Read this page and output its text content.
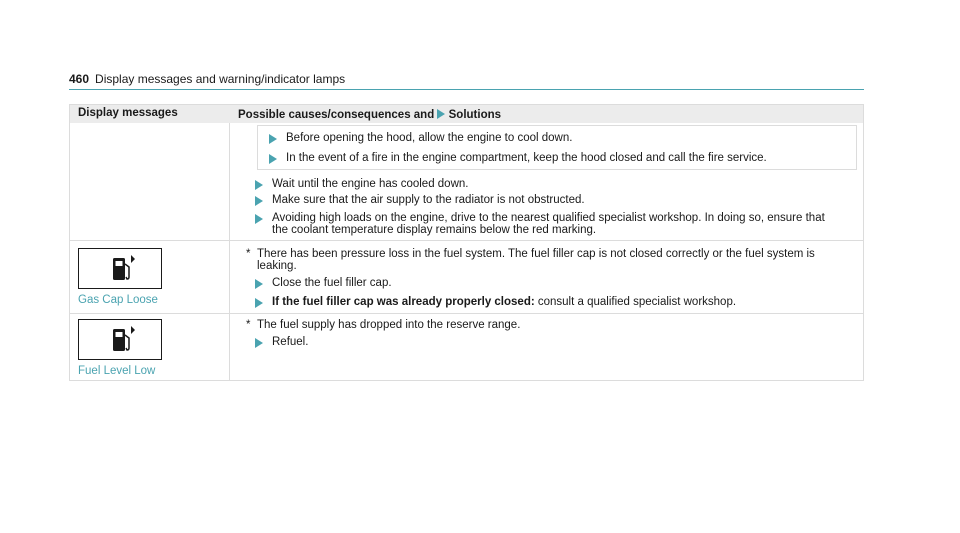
460 Display messages and warning/indicator lamps
Display messages	Possible causes/consequences and Solutions
Before opening the hood, allow the engine to cool down.
In the event of a fire in the engine compartment, keep the hood closed and call the fire service.
Wait until the engine has cooled down.
Make sure that the air supply to the radiator is not obstructed.
Avoiding high loads on the engine, drive to the nearest qualified specialist workshop. In doing so, ensure that
the coolant temperature display remains below the red marking.
Gas Cap Loose
* There has been pressure loss in the fuel system. The fuel filler cap is not closed correctly or the fuel system is
leaking.
Close the fuel filler cap.
If the fuel filler cap was already properly closed: consult a qualified specialist workshop.
Fuel Level Low
* The fuel supply has dropped into the reserve range.
Refuel.
